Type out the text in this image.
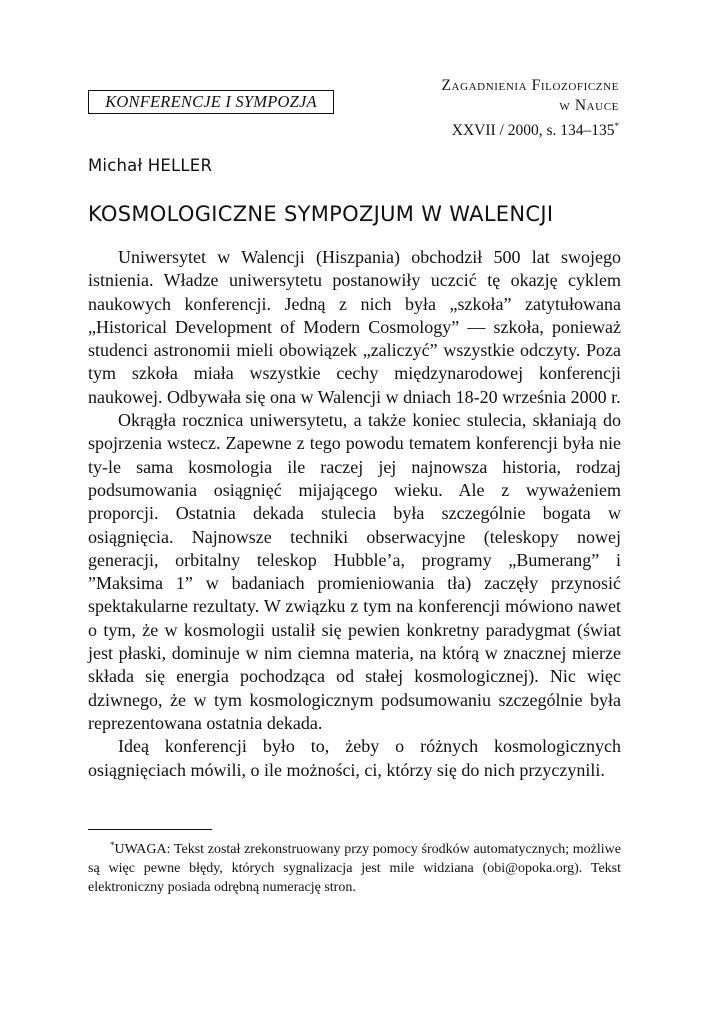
KONFERENCJE I SYMPOZJA
Zagadnienia Filozoficzne
w Nauce
XXVII / 2000, s. 134–135*
Michał HELLER
KOSMOLOGICZNE SYMPOZJUM W WALENCJI

Uniwersytet w Walencji (Hiszpania) obchodził 500 lat swojego istnienia. Władze uniwersytetu postanowiły uczcić tę okazję cyklem naukowych konferencji. Jedną z nich była „szkoła” zatytułowana „Historical Development of Modern Cosmology” — szkoła, ponieważ studenci astronomii mieli obowiązek „zaliczyć” wszystkie odczyty. Poza tym szkoła miała wszystkie cechy międzynarodowej konferencji naukowej. Odbywała się ona w Walencji w dniach 18-20 września 2000 r.

Okrągła rocznica uniwersytetu, a także koniec stulecia, skłaniają do spojrzenia wstecz. Zapewne z tego powodu tematem konferencji była nie ty-le sama kosmologia ile raczej jej najnowsza historia, rodzaj podsumowania osiągnięć mijającego wieku. Ale z wyważeniem proporcji. Ostatnia dekada stulecia była szczególnie bogata w osiągnięcia. Najnowsze techniki obserwacyjne (teleskopy nowej generacji, orbitalny teleskop Hubble’a, programy „Bumerang” i ”Maksima 1” w badaniach promieniowania tła) zaczęły przynosić spektakularne rezultaty. W związku z tym na konferencji mówiono nawet o tym, że w kosmologii ustalił się pewien konkretny paradygmat (świat jest płaski, dominuje w nim ciemna materia, na którą w znacznej mierze składa się energia pochodząca od stałej kosmologicznej). Nic więc dziwnego, że w tym kosmologicznym podsumowaniu szczególnie była reprezentowana ostatnia dekada.

Ideą konferencji było to, żeby o różnych kosmologicznych osiągnięciach mówili, o ile możności, ci, którzy się do nich przyczynili.

*UWAGA: Tekst został zrekonstruowany przy pomocy środków automatycznych; możliwe są więc pewne błędy, których sygnalizacja jest mile widziana (obi@opoka.org). Tekst elektroniczny posiada odrębną numerację stron.
